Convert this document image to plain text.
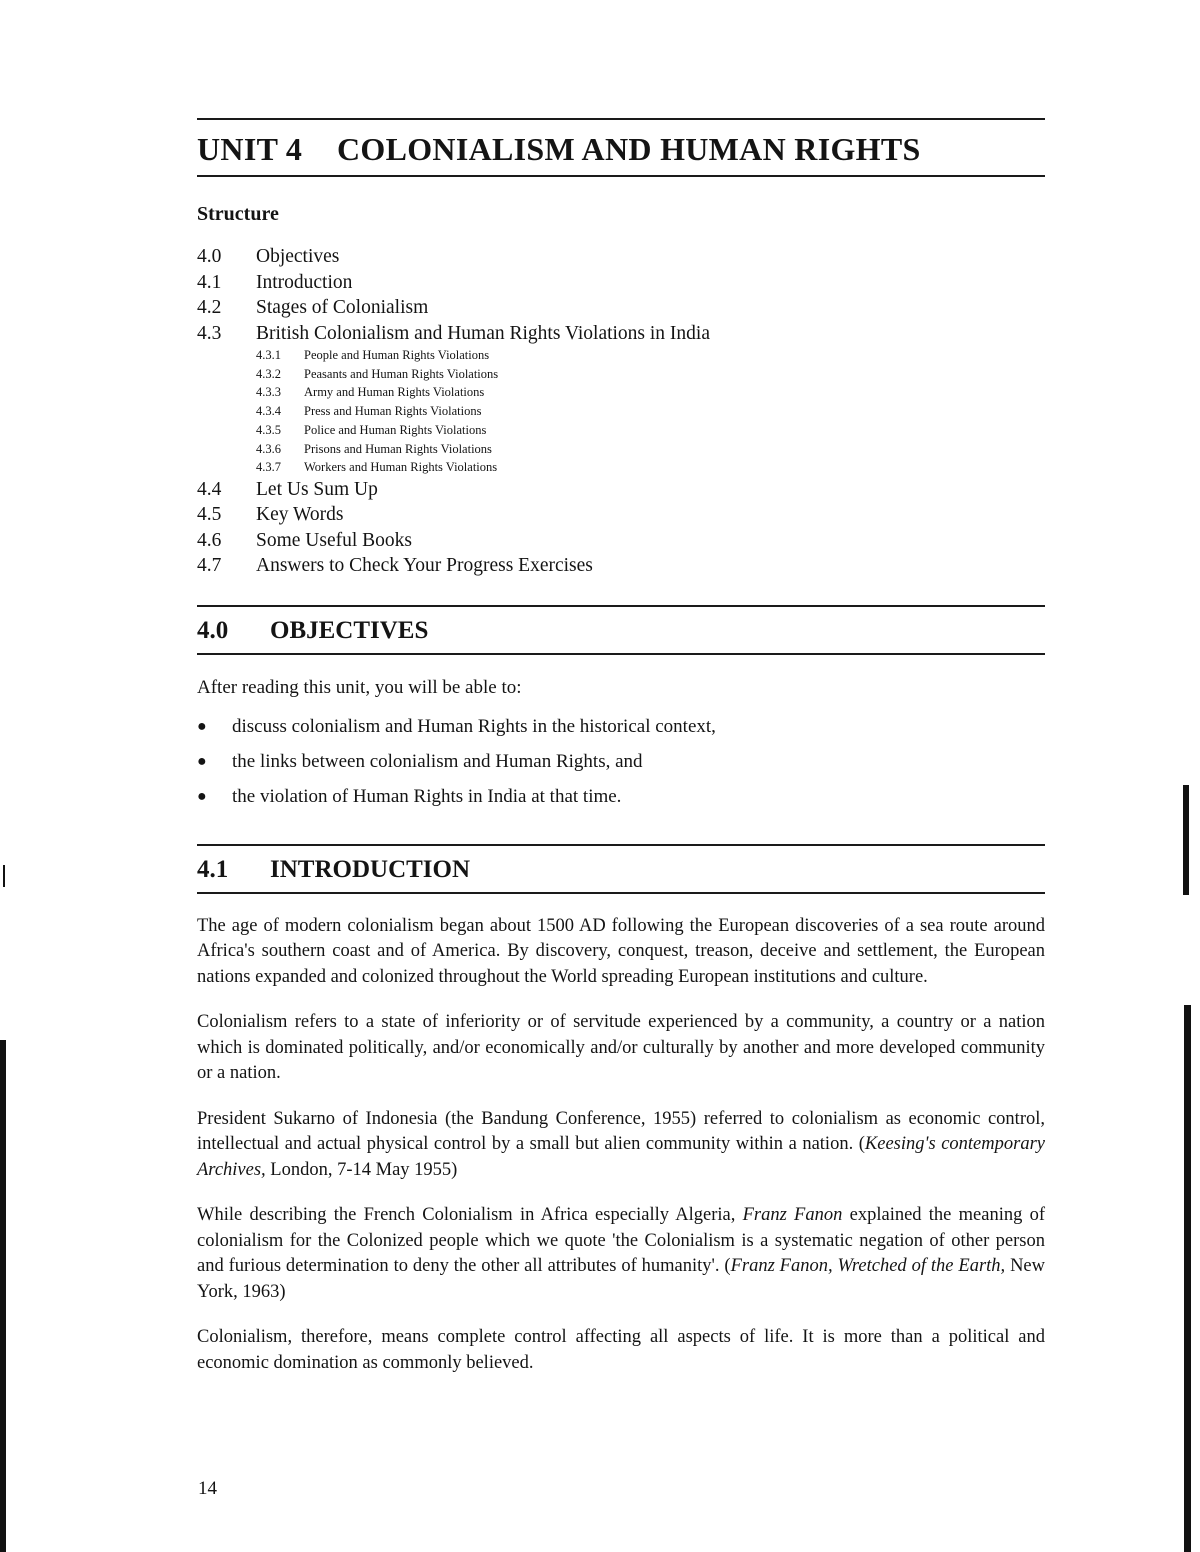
UNIT 4 COLONIALISM AND HUMAN RIGHTS
Structure
4.0	Objectives
4.1	Introduction
4.2	Stages of Colonialism
4.3	British Colonialism and Human Rights Violations in India
4.3.1	People and Human Rights Violations
4.3.2	Peasants and Human Rights Violations
4.3.3	Army and Human Rights Violations
4.3.4	Press and Human Rights Violations
4.3.5	Police and Human Rights Violations
4.3.6	Prisons and Human Rights Violations
4.3.7	Workers and Human Rights Violations
4.4	Let Us Sum Up
4.5	Key Words
4.6	Some Useful Books
4.7	Answers to Check Your Progress Exercises
4.0	OBJECTIVES

After reading this unit, you will be able to:

●	discuss colonialism and Human Rights in the historical context,
●	the links between colonialism and Human Rights, and
●	the violation of Human Rights in India at that time.
4.1	INTRODUCTION

The age of modern colonialism began about 1500 AD following the European discoveries of a sea route around Africa's southern coast and of America. By discovery, conquest, treason, deceive and settlement, the European nations expanded and colonized throughout the World spreading European institutions and culture.

Colonialism refers to a state of inferiority or of servitude experienced by a community, a country or a nation which is dominated politically, and/or economically and/or culturally by another and more developed community or a nation.

President Sukarno of Indonesia (the Bandung Conference, 1955) referred to colonialism as economic control, intellectual and actual physical control by a small but alien community within a nation. (Keesing's contemporary Archives, London, 7-14 May 1955)

While describing the French Colonialism in Africa especially Algeria, Franz Fanon explained the meaning of colonialism for the Colonized people which we quote 'the Colonialism is a systematic negation of other person and furious determination to deny the other all attributes of humanity'. (Franz Fanon, Wretched of the Earth, New York, 1963)

Colonialism, therefore, means complete control affecting all aspects of life. It is more than a political and economic domination as commonly believed.

14
